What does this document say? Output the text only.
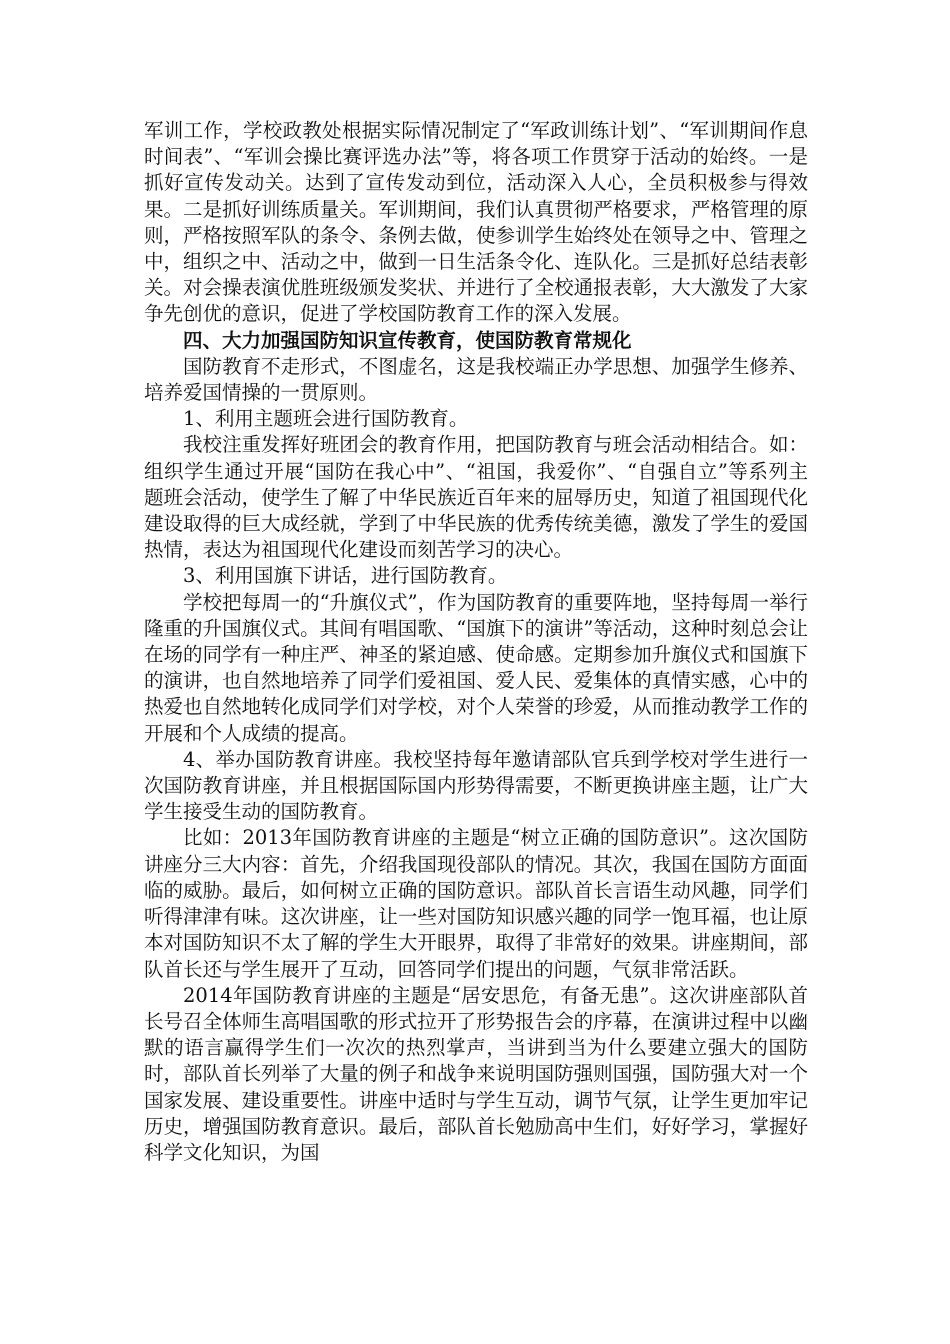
军训工作，学校政教处根据实际情况制定了“军政训练计划”、“军训期间作息时间表”、“军训会操比赛评选办法”等，将各项工作贯穿于活动的始终。一是抓好宣传发动关。达到了宣传发动到位，活动深入人心，全员积极参与得效果。二是抓好训练质量关。军训期间，我们认真贯彻严格要求，严格管理的原则，严格按照军队的条令、条例去做，使参训学生始终处在领导之中、管理之中，组织之中、活动之中，做到一日生活条令化、连队化。三是抓好总结表彰关。对会操表演优胜班级颁发奖状、并进行了全校通报表彰，大大激发了大家争先创优的意识，促进了学校国防教育工作的深入发展。

四、大力加强国防知识宣传教育，使国防教育常规化

国防教育不走形式，不图虚名，这是我校端正办学思想、加强学生修养、培养爱国情操的一贯原则。

1、利用主题班会进行国防教育。

我校注重发挥好班团会的教育作用，把国防教育与班会活动相结合。如：组织学生通过开展“国防在我心中”、“祖国，我爱你”、“自强自立”等系列主题班会活动，使学生了解了中华民族近百年来的屈辱历史，知道了祖国现代化建设取得的巨大成经就，学到了中华民族的优秀传统美德，激发了学生的爱国热情，表达为祖国现代化建设而刻苦学习的决心。

3、利用国旗下讲话，进行国防教育。

学校把每周一的“升旗仪式”，作为国防教育的重要阵地，坚持每周一举行隆重的升国旗仪式。其间有唱国歌、“国旗下的演讲”等活动，这种时刻总会让在场的同学有一种庄严、神圣的紧迫感、使命感。定期参加升旗仪式和国旗下的演讲，也自然地培养了同学们爱祖国、爱人民、爱集体的真情实感，心中的热爱也自然地转化成同学们对学校，对个人荣誉的珍爱，从而推动教学工作的开展和个人成绩的提高。

4、举办国防教育讲座。我校坚持每年邀请部队官兵到学校对学生进行一次国防教育讲座，并且根据国际国内形势得需要，不断更换讲座主题，让广大学生接受生动的国防教育。

比如：2013年国防教育讲座的主题是“树立正确的国防意识”。这次国防讲座分三大内容：首先，介绍我国现役部队的情况。其次，我国在国防方面面临的威胁。最后，如何树立正确的国防意识。部队首长言语生动风趣，同学们听得津津有味。这次讲座，让一些对国防知识感兴趣的同学一饱耳福，也让原本对国防知识不太了解的学生大开眼界，取得了非常好的效果。讲座期间，部队首长还与学生展开了互动，回答同学们提出的问题，气氛非常活跃。

2014年国防教育讲座的主题是“居安思危，有备无患”。这次讲座部队首长号召全体师生高唱国歌的形式拉开了形势报告会的序幕，在演讲过程中以幽默的语言赢得学生们一次次的热烈掌声，当讲到当为什么要建立强大的国防时，部队首长列举了大量的例子和战争来说明国防强则国强，国防强大对一个国家发展、建设重要性。讲座中适时与学生互动，调节气氛，让学生更加牢记历史，增强国防教育意识。最后，部队首长勉励高中生们，好好学习，掌握好科学文化知识，为国
